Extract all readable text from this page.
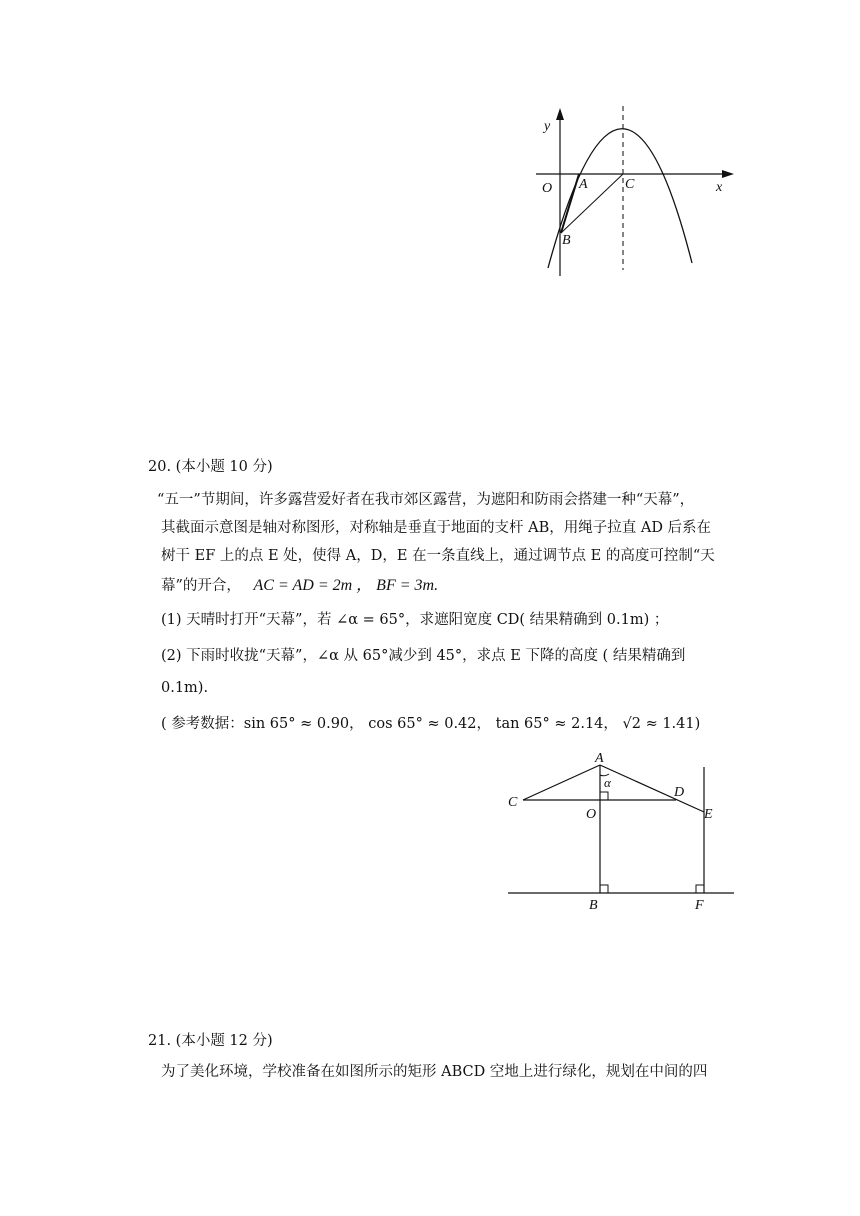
y
x
O A	C
B
20. (本小题 10 分)
“五一”节期间，许多露营爱好者在我市郊区露营，为遮阳和防雨会搭建一种“天幕”，
其截面示意图是轴对称图形，对称轴是垂直于地面的支杆 AB，用绳子拉直 AD 后系在
树干 EF 上的点 E 处，使得 A，D，E 在一条直线上，通过调节点 E 的高度可控制“天
幕”的开合， AC = AD = 2m ， BF = 3m.
(1) 天晴时打开“天幕”，若 ∠α = 65°，求遮阳宽度 CD( 结果精确到 0.1m) ；
(2) 下雨时收拢“天幕”，∠α 从 65°减少到 45°，求点 E 下降的高度 ( 结果精确到
0.1m).
( 参考数据：sin 65° ≈ 0.90， cos 65° ≈ 0.42， tan 65° ≈ 2.14， √2 ≈ 1.41)
A
α
D
C
O	E
B	F
21. (本小题 12 分)
为了美化环境，学校准备在如图所示的矩形 ABCD 空地上进行绿化，规划在中间的四
